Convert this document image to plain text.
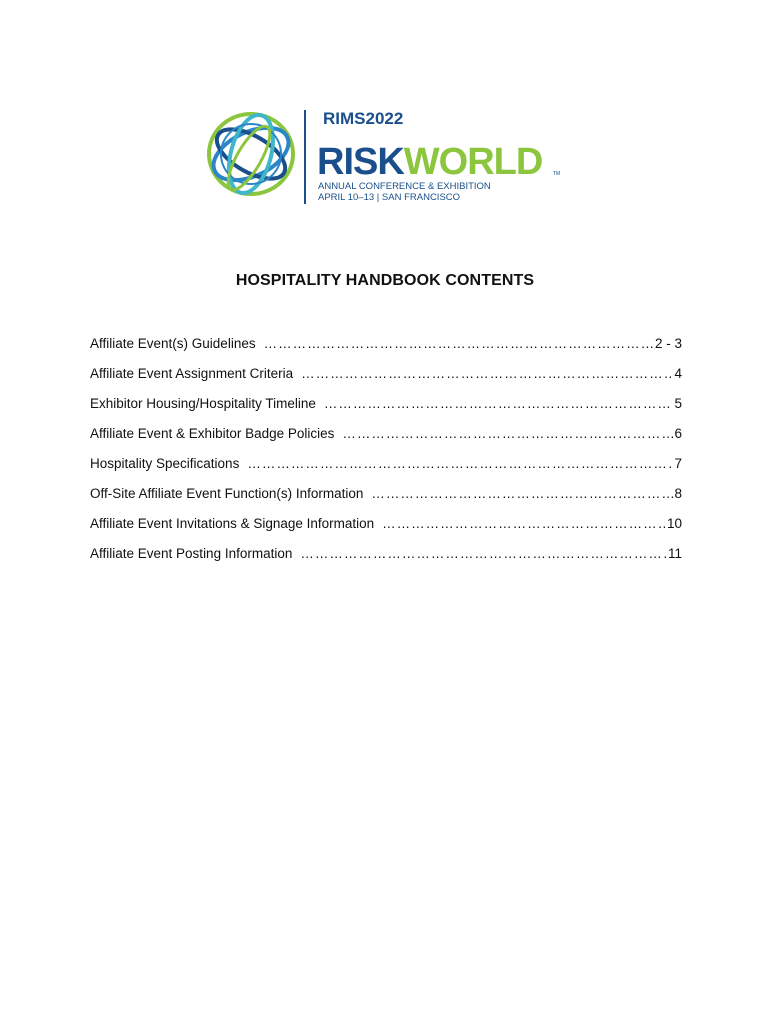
RIMS2022
RISKWORLD TM
ANNUAL CONFERENCE & EXHIBITION
APRIL 10–13 | SAN FRANCISCO
HOSPITALITY HANDBOOK CONTENTS
Affiliate Event(s) Guidelines ………………………………………………………………………………………………………………………………………	2 - 3
Affiliate Event Assignment Criteria ………………………………………………………………………………………………………………………………………	4
Exhibitor Housing/Hospitality Timeline ………………………………………………………………………………………………………………………………………	5
Affiliate Event & Exhibitor Badge Policies ………………………………………………………………………………………………………………………………………	6
Hospitality Specifications ………………………………………………………………………………………………………………………………………	7
Off-Site Affiliate Event Function(s) Information ………………………………………………………………………………………………………………………………………	8
Affiliate Event Invitations & Signage Information ………………………………………………………………………………………………………………………………………	10
Affiliate Event Posting Information ………………………………………………………………………………………………………………………………………	11
